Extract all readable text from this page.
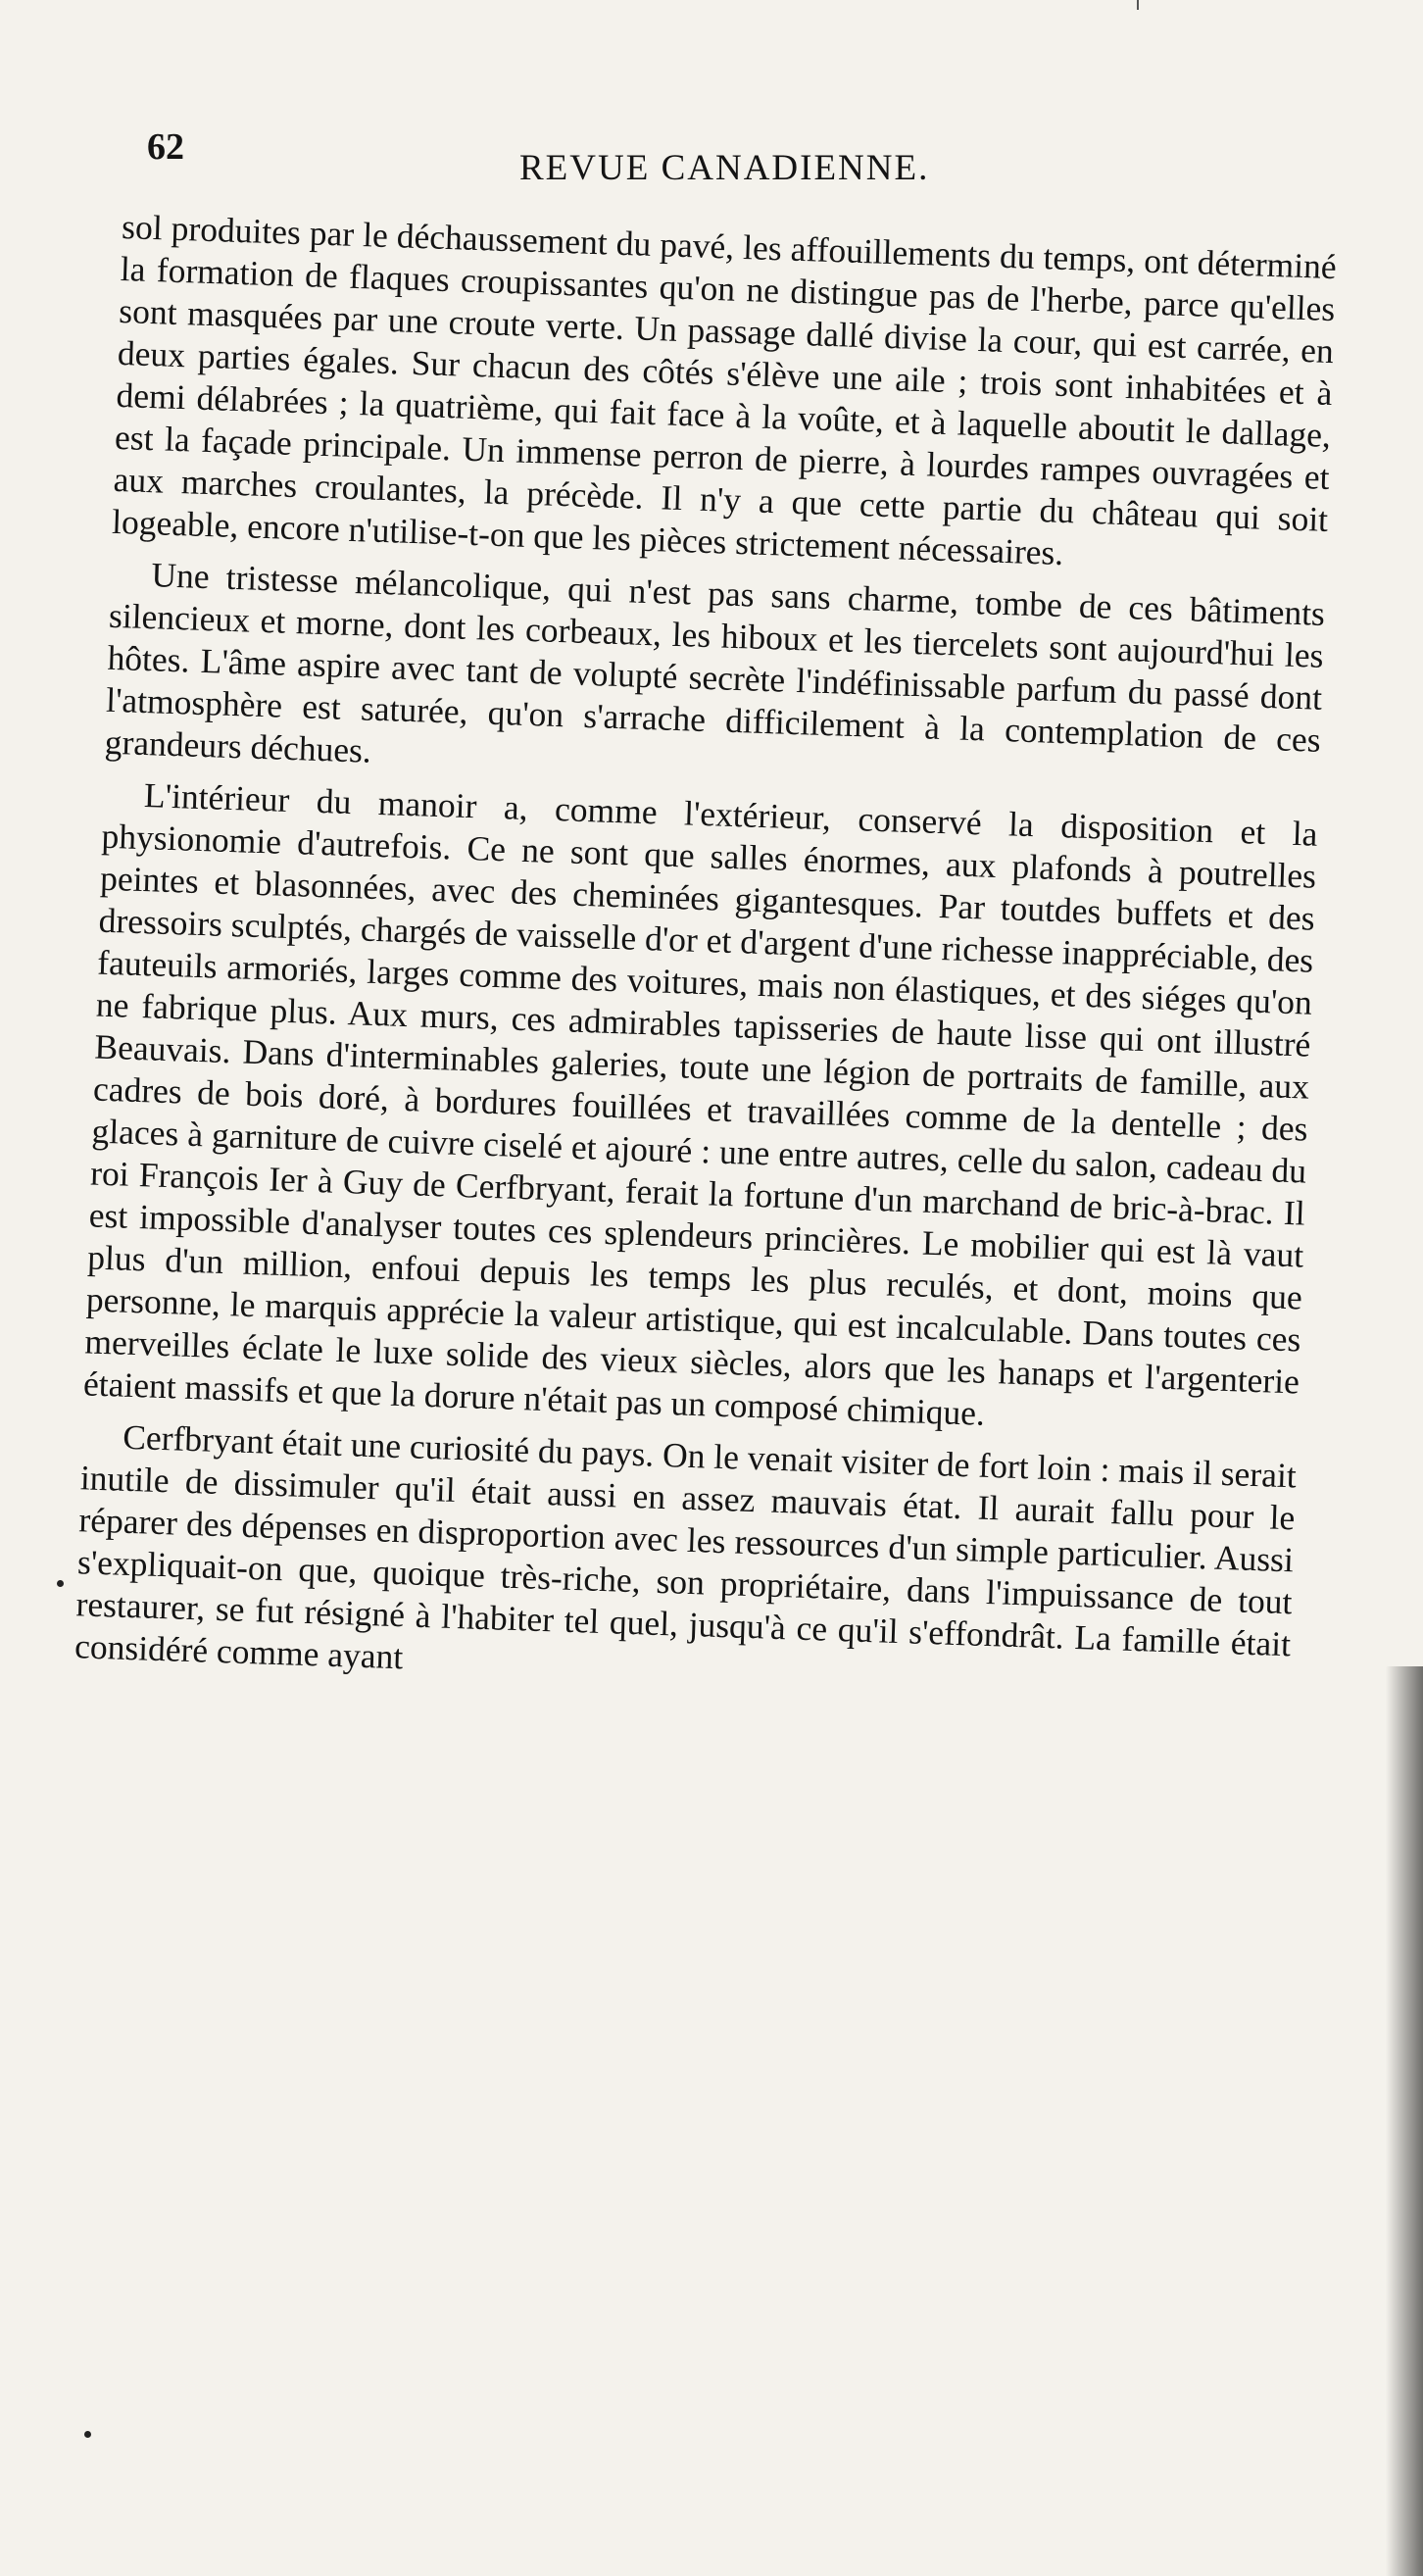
62
REVUE CANADIENNE.

sol produites par le déchaussement du pavé, les affouillements du temps, ont déterminé la formation de flaques croupissantes qu'on ne distingue pas de l'herbe, parce qu'elles sont masquées par une croute verte. Un passage dallé divise la cour, qui est carrée, en deux parties égales. Sur chacun des côtés s'élève une aile ; trois sont inhabitées et à demi délabrées ; la quatrième, qui fait face à la voûte, et à laquelle aboutit le dallage, est la façade principale. Un immense perron de pierre, à lourdes rampes ouvragées et aux marches croulantes, la précède. Il n'y a que cette partie du château qui soit logeable, encore n'utilise-t-on que les pièces strictement nécessaires.

Une tristesse mélancolique, qui n'est pas sans charme, tombe de ces bâtiments silencieux et morne, dont les corbeaux, les hiboux et les tiercelets sont aujourd'hui les hôtes. L'âme aspire avec tant de volupté secrète l'indéfinissable parfum du passé dont l'atmosphère est saturée, qu'on s'arrache difficilement à la contemplation de ces grandeurs déchues.

L'intérieur du manoir a, comme l'extérieur, conservé la disposition et la physionomie d'autrefois. Ce ne sont que salles énormes, aux plafonds à poutrelles peintes et blasonnées, avec des cheminées gigantesques. Par toutdes buffets et des dressoirs sculptés, chargés de vaisselle d'or et d'argent d'une richesse inappréciable, des fauteuils armoriés, larges comme des voitures, mais non élastiques, et des siéges qu'on ne fabrique plus. Aux murs, ces admirables tapisseries de haute lisse qui ont illustré Beauvais. Dans d'interminables galeries, toute une légion de portraits de famille, aux cadres de bois doré, à bordures fouillées et travaillées comme de la dentelle ; des glaces à garniture de cuivre ciselé et ajouré : une entre autres, celle du salon, cadeau du roi François Ier à Guy de Cerfbryant, ferait la fortune d'un marchand de bric-à-brac. Il est impossible d'analyser toutes ces splendeurs princières. Le mobilier qui est là vaut plus d'un million, enfoui depuis les temps les plus reculés, et dont, moins que personne, le marquis apprécie la valeur artistique, qui est incalculable. Dans toutes ces merveilles éclate le luxe solide des vieux siècles, alors que les hanaps et l'argenterie étaient massifs et que la dorure n'était pas un composé chimique.

Cerfbryant était une curiosité du pays. On le venait visiter de fort loin : mais il serait inutile de dissimuler qu'il était aussi en assez mauvais état. Il aurait fallu pour le réparer des dépenses en disproportion avec les ressources d'un simple particulier. Aussi s'expliquait-on que, quoique très-riche, son propriétaire, dans l'impuissance de tout restaurer, se fut résigné à l'habiter tel quel, jusqu'à ce qu'il s'effondrât. La famille était considéré comme ayant
